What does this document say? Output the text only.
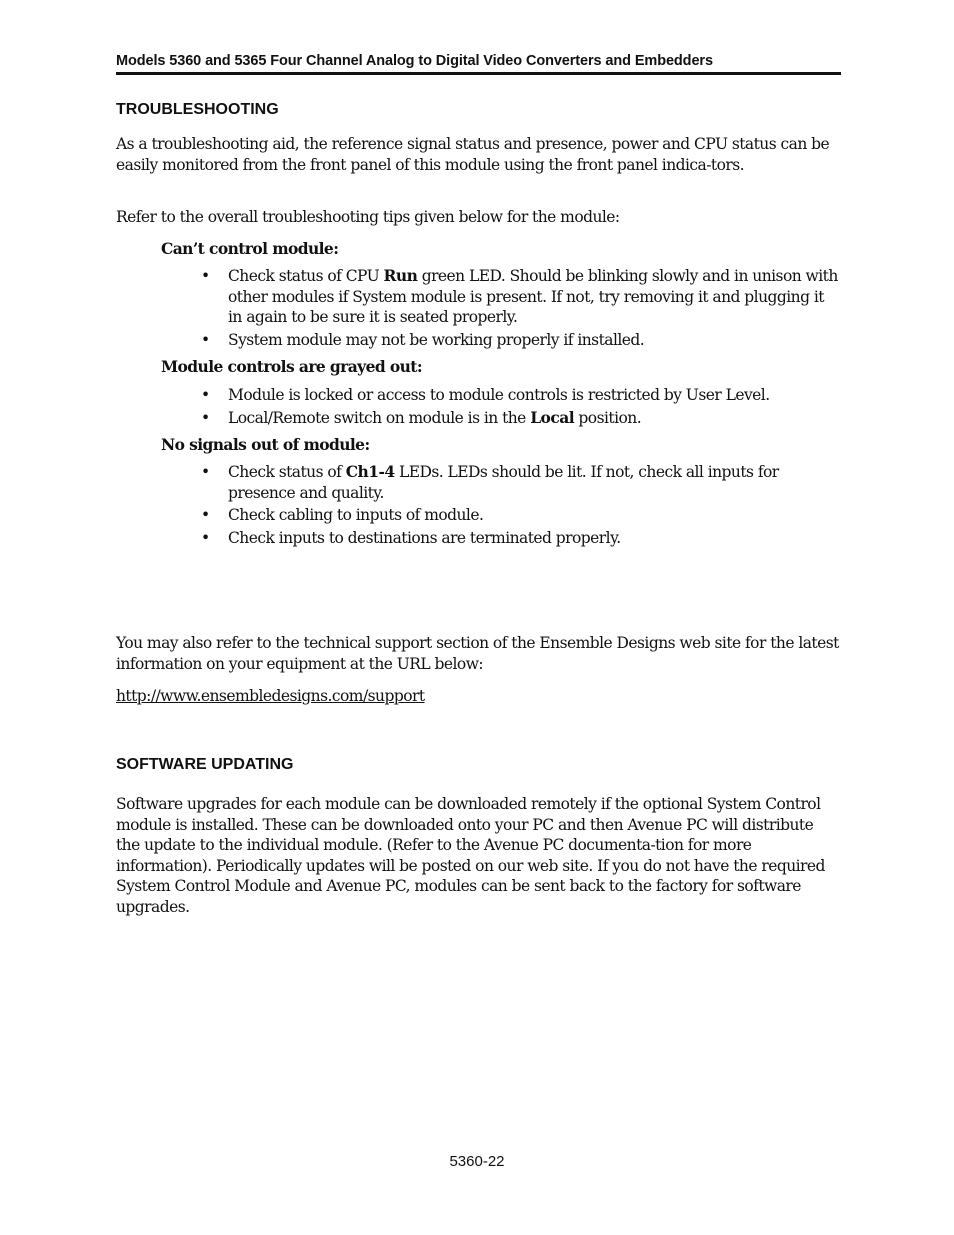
Models 5360 and 5365 Four Channel Analog to Digital Video Converters and Embedders
TROUBLESHOOTING

As a troubleshooting aid, the reference signal status and presence, power and CPU status can be easily monitored from the front panel of this module using the front panel indica-tors.

Refer to the overall troubleshooting tips given below for the module:

Can’t control module:
• Check status of CPU Run green LED. Should be blinking slowly and in unison with other modules if System module is present. If not, try removing it and plugging it in again to be sure it is seated properly.
• System module may not be working properly if installed.
Module controls are grayed out:
• Module is locked or access to module controls is restricted by User Level.
• Local/Remote switch on module is in the Local position.
No signals out of module:
• Check status of Ch1-4 LEDs. LEDs should be lit. If not, check all inputs for presence and quality.
• Check cabling to inputs of module.
• Check inputs to destinations are terminated properly.

You may also refer to the technical support section of the Ensemble Designs web site for the latest information on your equipment at the URL below:

http://www.ensembledesigns.com/support

SOFTWARE UPDATING

Software upgrades for each module can be downloaded remotely if the optional System Control module is installed. These can be downloaded onto your PC and then Avenue PC will distribute the update to the individual module. (Refer to the Avenue PC documenta-tion for more information). Periodically updates will be posted on our web site. If you do not have the required System Control Module and Avenue PC, modules can be sent back to the factory for software upgrades.

5360-22
